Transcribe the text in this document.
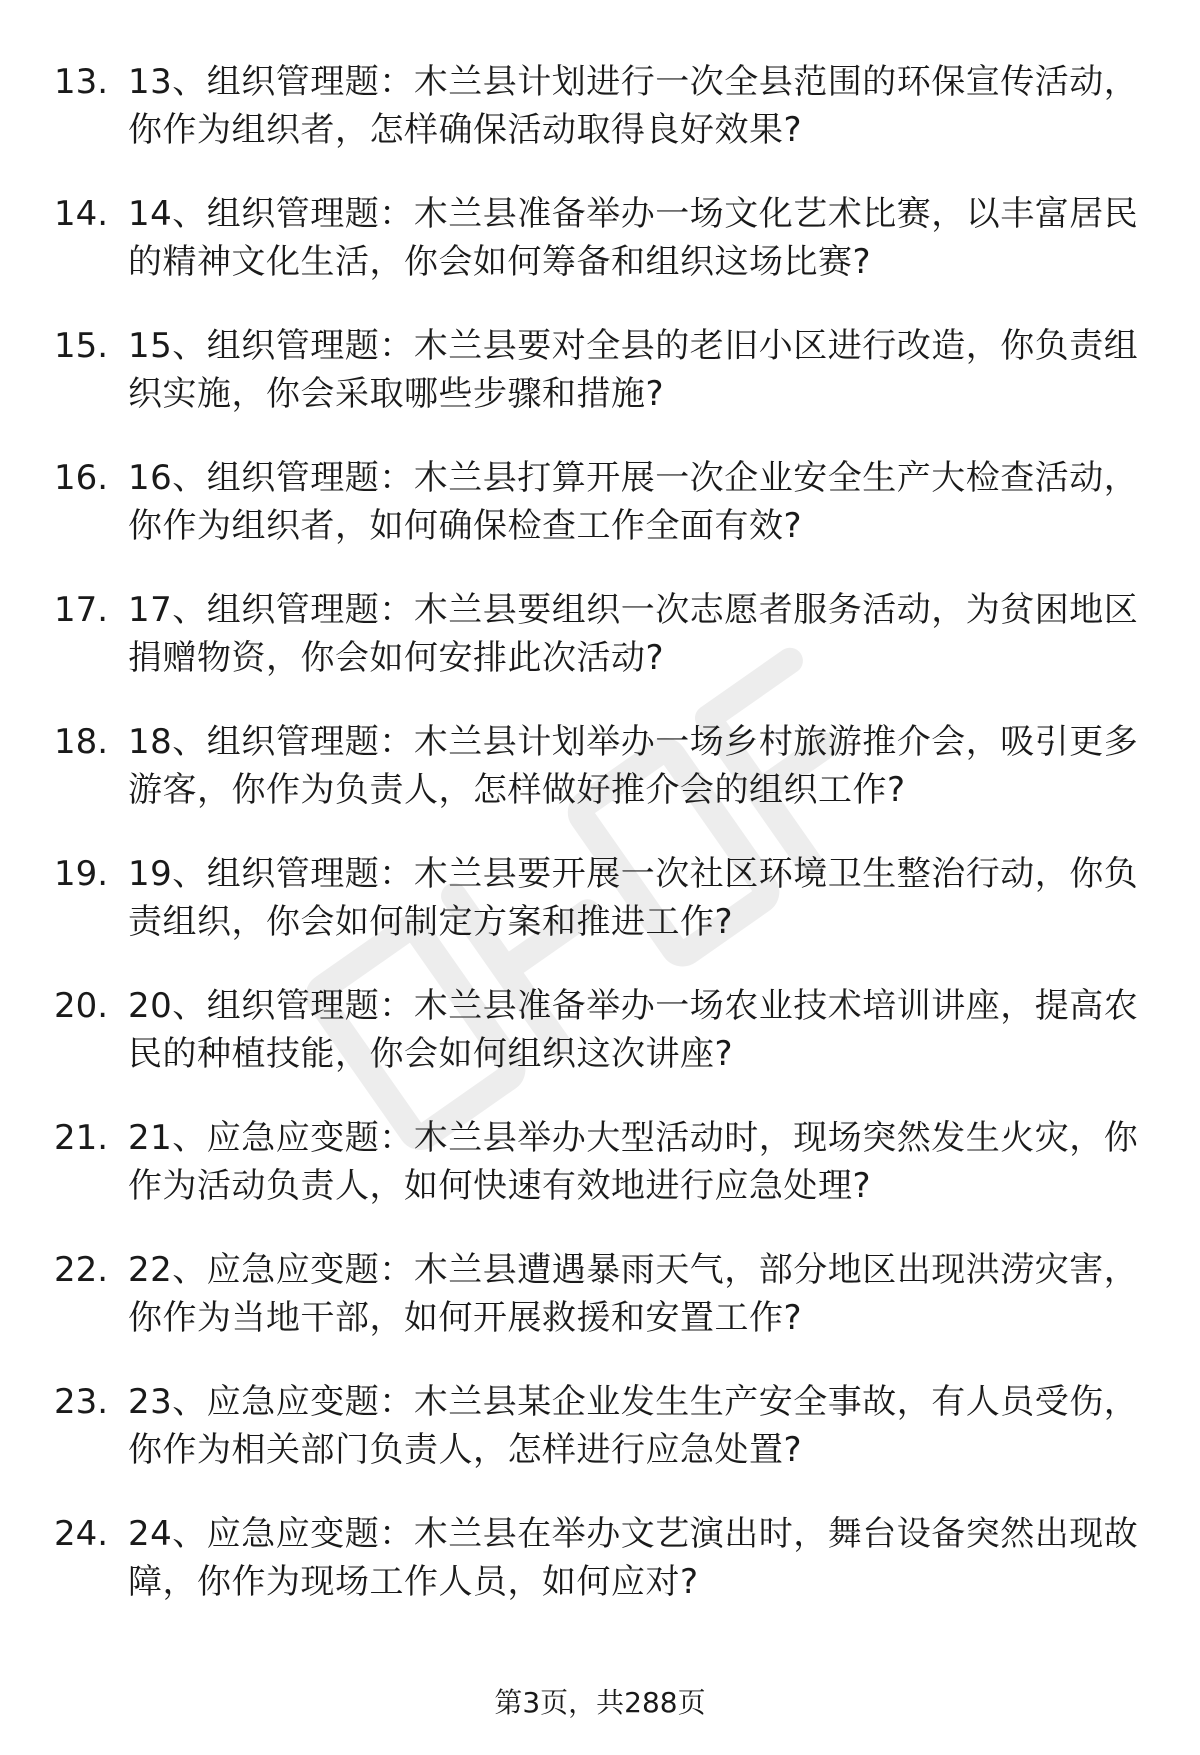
13. 13、组织管理题：木兰县计划进行一次全县范围的环保宣传活动，你作为组织者，怎样确保活动取得良好效果?
14. 14、组织管理题：木兰县准备举办一场文化艺术比赛，以丰富居民的精神文化生活，你会如何筹备和组织这场比赛?
15. 15、组织管理题：木兰县要对全县的老旧小区进行改造，你负责组织实施，你会采取哪些步骤和措施?
16. 16、组织管理题：木兰县打算开展一次企业安全生产大检查活动，你作为组织者，如何确保检查工作全面有效?
17. 17、组织管理题：木兰县要组织一次志愿者服务活动，为贫困地区捐赠物资，你会如何安排此次活动?
18. 18、组织管理题：木兰县计划举办一场乡村旅游推介会，吸引更多游客，你作为负责人，怎样做好推介会的组织工作?
19. 19、组织管理题：木兰县要开展一次社区环境卫生整治行动，你负责组织，你会如何制定方案和推进工作?
20. 20、组织管理题：木兰县准备举办一场农业技术培训讲座，提高农民的种植技能，你会如何组织这次讲座?
21. 21、应急应变题：木兰县举办大型活动时，现场突然发生火灾，你作为活动负责人，如何快速有效地进行应急处理?
22. 22、应急应变题：木兰县遭遇暴雨天气，部分地区出现洪涝灾害，你作为当地干部，如何开展救援和安置工作?
23. 23、应急应变题：木兰县某企业发生生产安全事故，有人员受伤，你作为相关部门负责人，怎样进行应急处置?
24. 24、应急应变题：木兰县在举办文艺演出时，舞台设备突然出现故障，你作为现场工作人员，如何应对?
第3页，共288页
